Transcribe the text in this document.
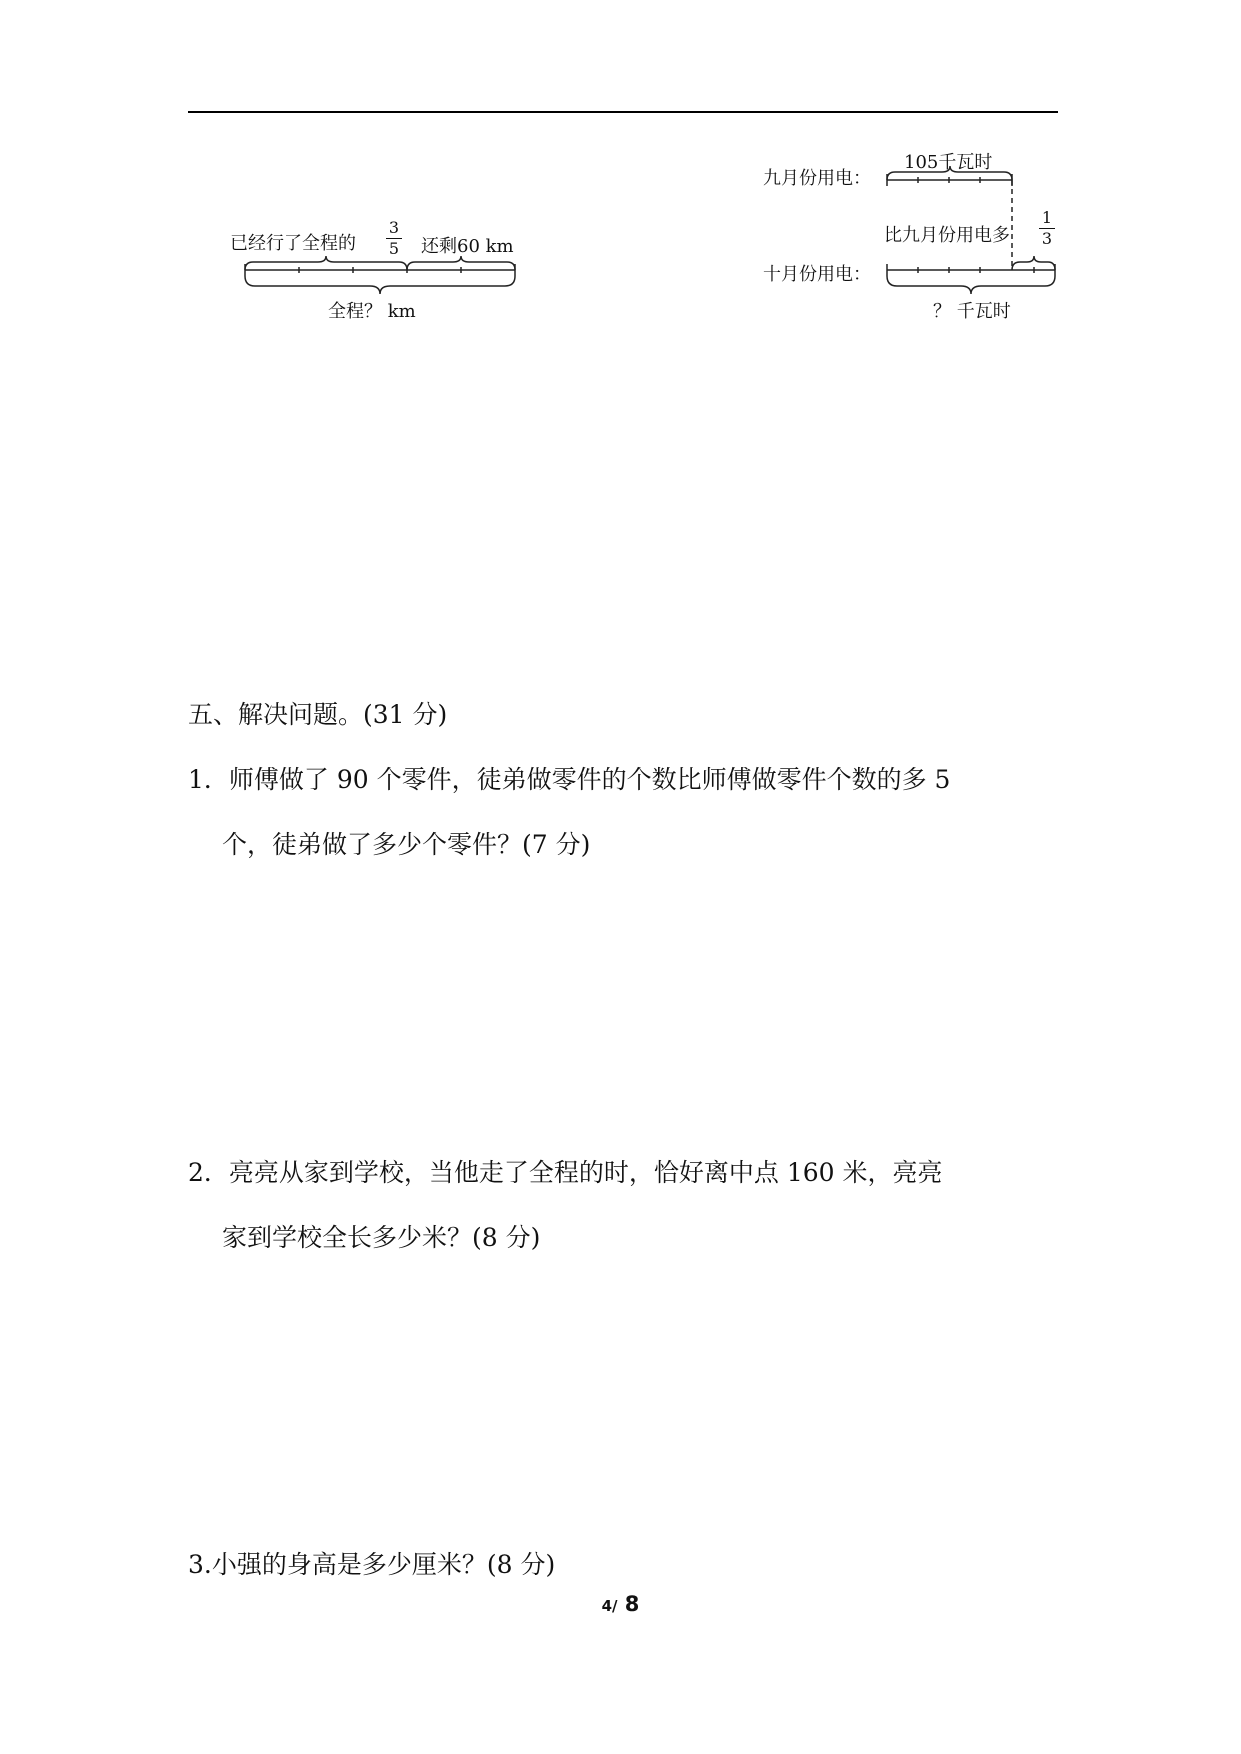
已经行了全程的
3
5 还剩60 km
全程？ km
九月份用电：
105千瓦时
比九月份用电多
1
3
十月份用电：
？ 千瓦时
五、解决问题。(31 分)
1．师傅做了 90 个零件，徒弟做零件的个数比师傅做零件个数的多 5
个，徒弟做了多少个零件？(7 分)
2．亮亮从家到学校，当他走了全程的时，恰好离中点 160 米，亮亮
家到学校全长多少米？(8 分)
3.小强的身高是多少厘米？(8 分)
4/ 8
